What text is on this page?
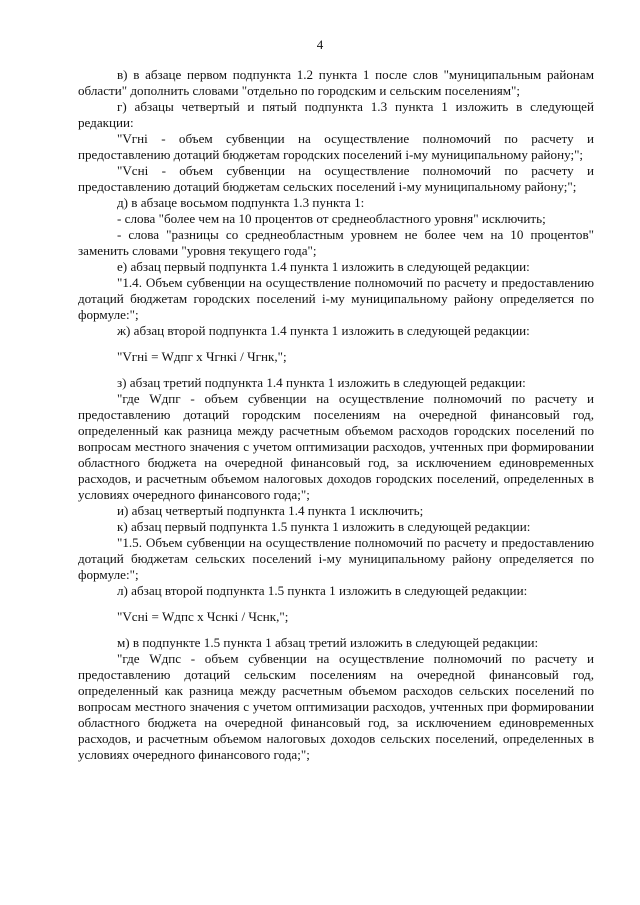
4

в) в абзаце первом подпункта 1.2 пункта 1 после слов "муниципальным районам области" дополнить словами "отдельно по городским и сельским поселениям";

г) абзацы четвертый и пятый подпункта 1.3 пункта 1 изложить в следующей редакции:

"Vгнi - объем субвенции на осуществление полномочий по расчету и предоставлению дотаций бюджетам городских поселений i-му муниципальному району;";

"Vснi - объем субвенции на осуществление полномочий по расчету и предоставлению дотаций бюджетам сельских поселений i-му муниципальному району;";

д) в абзаце восьмом подпункта 1.3 пункта 1:

- слова "более чем на 10 процентов от среднеобластного уровня" исключить;

- слова "разницы со среднеобластным уровнем не более чем на 10 процентов" заменить словами "уровня текущего года";

е) абзац первый подпункта 1.4 пункта 1 изложить в следующей редакции:

"1.4. Объем субвенции на осуществление полномочий по расчету и предоставлению дотаций бюджетам городских поселений i-му муниципальному району определяется по формуле:";

ж) абзац второй подпункта 1.4 пункта 1 изложить в следующей редакции:

"Vгнi = Wдпг x Чгнкi / Чгнк,";

з) абзац третий подпункта 1.4 пункта 1 изложить в следующей редакции:

"где Wдпг - объем субвенции на осуществление полномочий по расчету и предоставлению дотаций городским поселениям на очередной финансовый год, определенный как разница между расчетным объемом расходов городских поселений по вопросам местного значения с учетом оптимизации расходов, учтенных при формировании областного бюджета на очередной финансовый год, за исключением единовременных расходов, и расчетным объемом налоговых доходов городских поселений, определенных в условиях очередного финансового года;";

и) абзац четвертый подпункта 1.4 пункта 1 исключить;

к) абзац первый подпункта 1.5 пункта 1 изложить в следующей редакции:

"1.5. Объем субвенции на осуществление полномочий по расчету и предоставлению дотаций бюджетам сельских поселений i-му муниципальному району определяется по формуле:";

л) абзац второй подпункта 1.5 пункта 1 изложить в следующей редакции:

"Vснi = Wдпс x Чснкi / Чснк,";

м) в подпункте 1.5 пункта 1 абзац третий изложить в следующей редакции:

"где Wдпс - объем субвенции на осуществление полномочий по расчету и предоставлению дотаций сельским поселениям на очередной финансовый год, определенный как разница между расчетным объемом расходов сельских поселений по вопросам местного значения с учетом оптимизации расходов, учтенных при формировании областного бюджета на очередной финансовый год, за исключением единовременных расходов, и расчетным объемом налоговых доходов сельских поселений, определенных в условиях очередного финансового года;";
